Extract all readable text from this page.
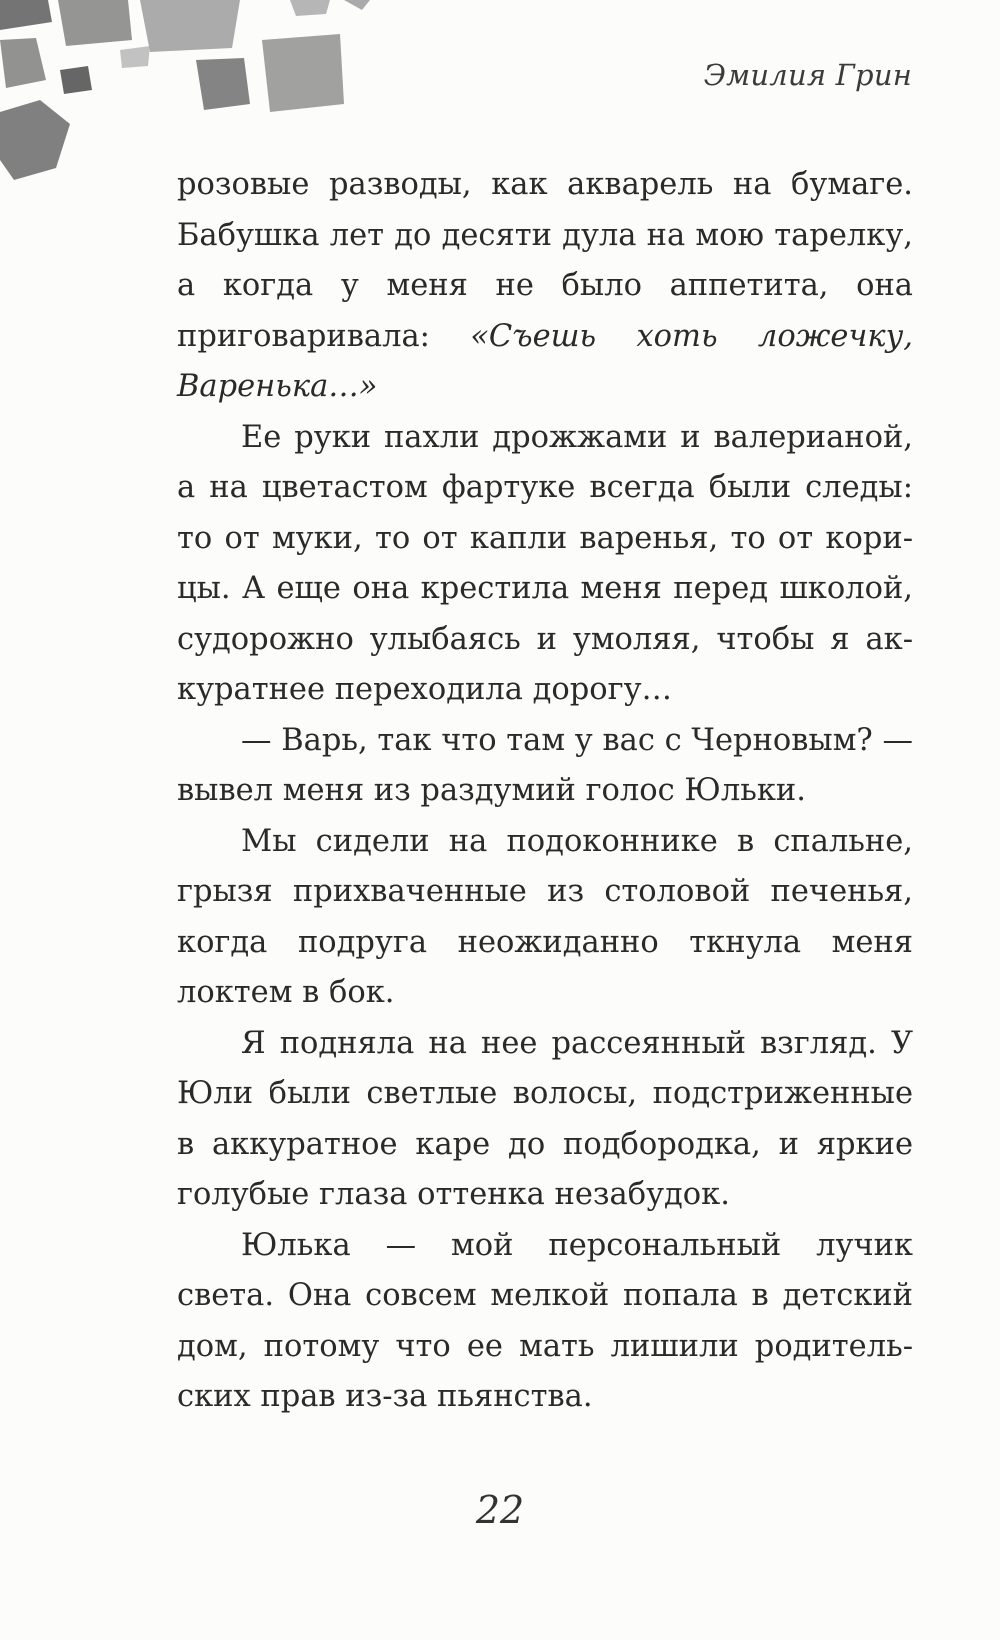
Эмилия Грин

розовые разводы, как акварель на бумаге. Бабушка лет до десяти дула на мою тарелку, а когда у меня не было аппетита, она приговаривала: «Съешь хоть ложечку, Варенька…»

Ее руки пахли дрожжами и валерианой, а на цветастом фартуке всегда были следы: то от муки, то от капли варенья, то от корицы. А еще она крестила меня перед школой, судорожно улыбаясь и умоляя, чтобы я аккуратнее переходила дорогу…

— Варь, так что там у вас с Черновым? — вывел меня из раздумий голос Юльки.

Мы сидели на подоконнике в спальне, грызя прихваченные из столовой печенья, когда подруга неожиданно ткнула меня локтем в бок.

Я подняла на нее рассеянный взгляд. У Юли были светлые волосы, подстриженные в аккуратное каре до подбородка, и яркие голубые глаза оттенка незабудок.

Юлька — мой персональный лучик света. Она совсем мелкой попала в детский дом, потому что ее мать лишили родительских прав из-за пьянства.

22
